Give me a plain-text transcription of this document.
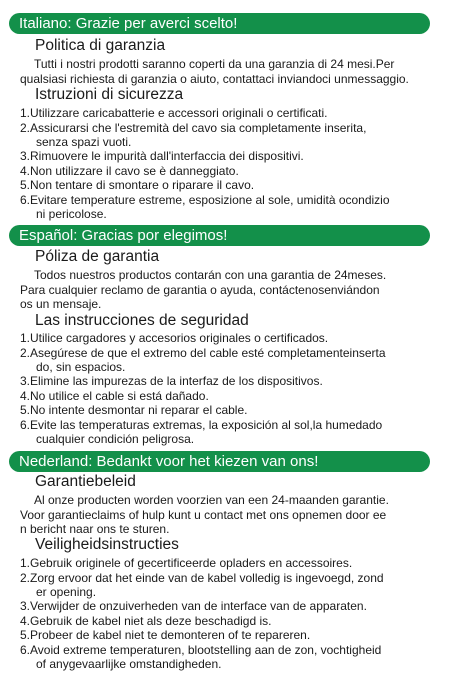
Italiano: Grazie per averci scelto!
Politica di garanzia
Tutti i nostri prodotti saranno coperti da una garanzia di 24 mesi.Per
qualsiasi richiesta di garanzia o aiuto, contattaci inviandoci unmessaggio.
Istruzioni di sicurezza
1.Utilizzare caricabatterie e accessori originali o certificati.
2.Assicurarsi che l'estremità del cavo sia completamente inserita,
senza spazi vuoti.
3.Rimuovere le impurità dall'interfaccia dei dispositivi.
4.Non utilizzare il cavo se è danneggiato.
5.Non tentare di smontare o riparare il cavo.
6.Evitare temperature estreme, esposizione al sole, umidità ocondizio
ni pericolose.
Español: Gracias por elegimos!
Póliza de garantia
Todos nuestros productos contarán con una garantia de 24meses.
Para cualquier reclamo de garantia o ayuda, contáctenosenviándon
os un mensaje.
Las instrucciones de seguridad
1.Utilice cargadores y accesorios originales o certificados.
2.Asegúrese de que el extremo del cable esté completamenteinserta
do, sin espacios.
3.Elimine las impurezas de la interfaz de los dispositivos.
4.No utilice el cable si está dañado.
5.No intente desmontar ni reparar el cable.
6.Evite las temperaturas extremas, la exposición al sol,la humedado
cualquier condición peligrosa.
Nederland: Bedankt voor het kiezen van ons!
Garantiebeleid
Al onze producten worden voorzien van een 24-maanden garantie.
Voor garantieclaims of hulp kunt u contact met ons opnemen door ee
n bericht naar ons te sturen.
Veiligheidsinstructies
1.Gebruik originele of gecertificeerde opladers en accessoires.
2.Zorg ervoor dat het einde van de kabel volledig is ingevoegd, zond
er opening.
3.Verwijder de onzuiverheden van de interface van de apparaten.
4.Gebruik de kabel niet als deze beschadigd is.
5.Probeer de kabel niet te demonteren of te repareren.
6.Avoid extreme temperaturen, blootstelling aan de zon, vochtigheid
of anygevaarlijke omstandigheden.
